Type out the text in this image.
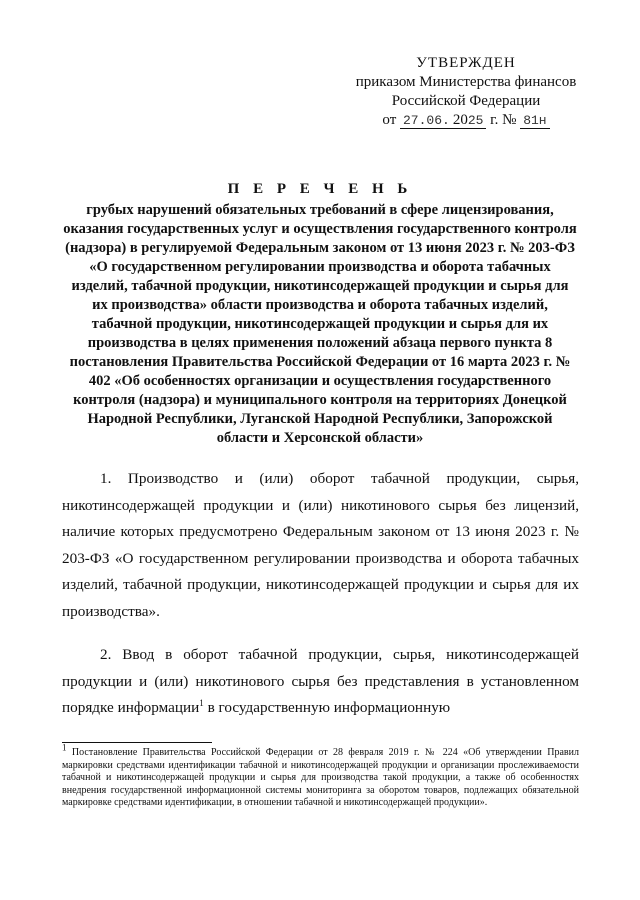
УТВЕРЖДЕН
приказом Министерства финансов
Российской Федерации
от 27.06. 2025 г. № 81н
П Е Р Е Ч Е Н Ь
грубых нарушений обязательных требований в сфере лицензирования, оказания государственных услуг и осуществления государственного контроля (надзора) в регулируемой Федеральным законом от 13 июня 2023 г. № 203-ФЗ «О государственном регулировании производства и оборота табачных изделий, табачной продукции, никотинсодержащей продукции и сырья для их производства» области производства и оборота табачных изделий, табачной продукции, никотинсодержащей продукции и сырья для их производства в целях применения положений абзаца первого пункта 8 постановления Правительства Российской Федерации от 16 марта 2023 г. № 402 «Об особенностях организации и осуществления государственного контроля (надзора) и муниципального контроля на территориях Донецкой Народной Республики, Луганской Народной Республики, Запорожской области и Херсонской области»

1. Производство и (или) оборот табачной продукции, сырья, никотинсодержащей продукции и (или) никотинового сырья без лицензий, наличие которых предусмотрено Федеральным законом от 13 июня 2023 г. № 203-ФЗ «О государственном регулировании производства и оборота табачных изделий, табачной продукции, никотинсодержащей продукции и сырья для их производства».

2. Ввод в оборот табачной продукции, сырья, никотинсодержащей продукции и (или) никотинового сырья без представления в установленном порядке информации$^1$ в государственную информационную

$^1$ Постановление Правительства Российской Федерации от 28 февраля 2019 г. № 224 «Об утверждении Правил маркировки средствами идентификации табачной и никотинсодержащей продукции и организации прослеживаемости табачной и никотинсодержащей продукции и сырья для производства такой продукции, а также об особенностях внедрения государственной информационной системы мониторинга за оборотом товаров, подлежащих обязательной маркировке средствами идентификации, в отношении табачной и никотинсодержащей продукции».
